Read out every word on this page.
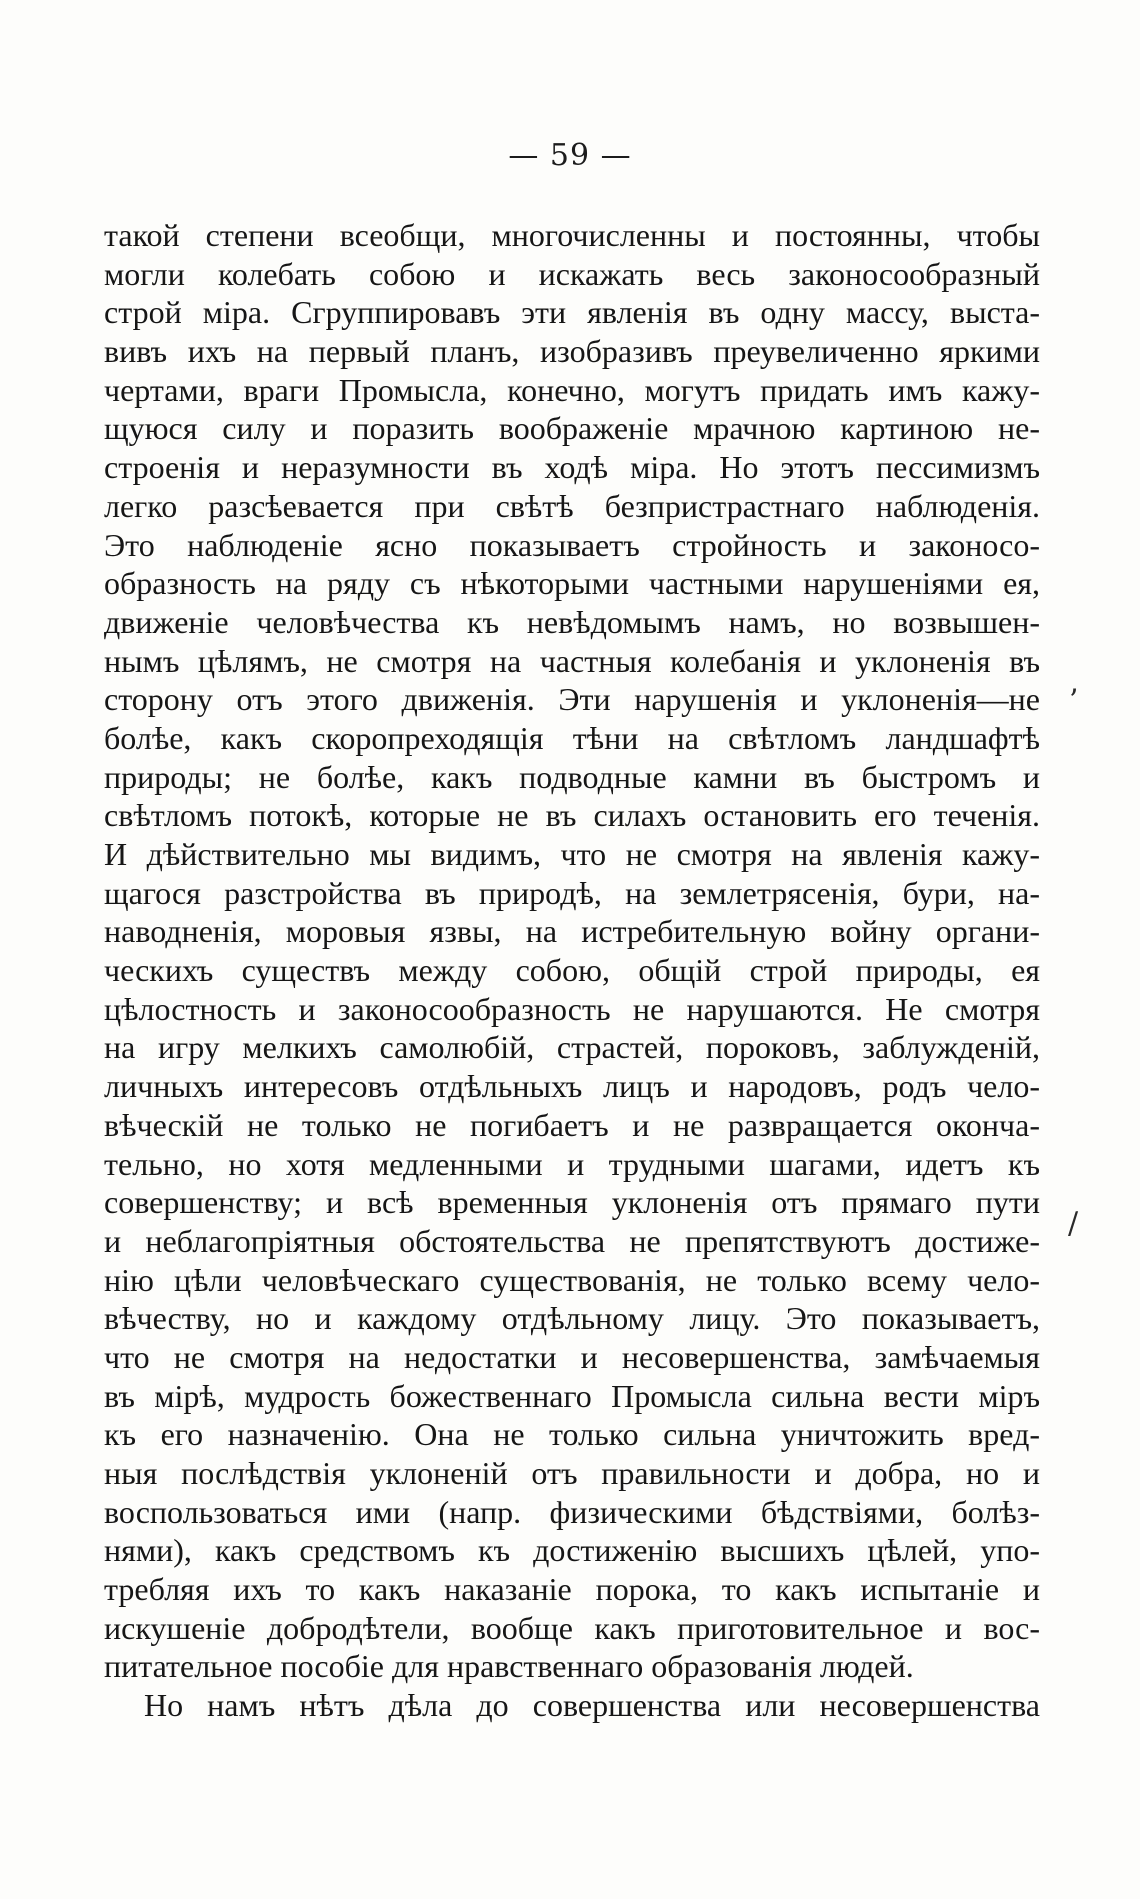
— 59 —
такой степени всеобщи, многочисленны и постоянны, чтобы
могли колебать собою и искажать весь законосообразный
строй міра. Сгруппировавъ эти явленія въ одну массу, выста-
вивъ ихъ на первый планъ, изобразивъ преувеличенно яркими
чертами, враги Промысла, конечно, могутъ придать имъ кажу-
щуюся силу и поразить воображеніе мрачною картиною не-
строенія и неразумности въ ходѣ міра. Но этотъ пессимизмъ
легко разсѣевается при свѣтѣ безпристрастнаго наблюденія.
Это наблюденіе ясно показываетъ стройность и законосо-
образность на ряду съ нѣкоторыми частными нарушеніями ея,
движеніе человѣчества къ невѣдомымъ намъ, но возвышен-
нымъ цѣлямъ, не смотря на частныя колебанія и уклоненія въ
сторону отъ этого движенія. Эти нарушенія и уклоненія—не
болѣе, какъ скоропреходящія тѣни на свѣтломъ ландшафтѣ
природы; не болѣе, какъ подводные камни въ быстромъ и
свѣтломъ потокѣ, которые не въ силахъ остановить его теченія.
И дѣйствительно мы видимъ, что не смотря на явленія кажу-
щагося разстройства въ природѣ, на землетрясенія, бури, на-
наводненія, моровыя язвы, на истребительную войну органи-
ческихъ существъ между собою, общій строй природы, ея
цѣлостность и законосообразность не нарушаются. Не смотря
на игру мелкихъ самолюбій, страстей, пороковъ, заблужденій,
личныхъ интересовъ отдѣльныхъ лицъ и народовъ, родъ чело-
вѣческій не только не погибаетъ и не развращается оконча-
тельно, но хотя медленными и трудными шагами, идетъ къ
совершенству; и всѣ временныя уклоненія отъ прямаго пути
и неблагопріятныя обстоятельства не препятствуютъ достиже-
нію цѣли человѣческаго существованія, не только всему чело-
вѣчеству, но и каждому отдѣльному лицу. Это показываетъ,
что не смотря на недостатки и несовершенства, замѣчаемыя
въ мірѣ, мудрость божественнаго Промысла сильна вести міръ
къ его назначенію. Она не только сильна уничтожить вред-
ныя послѣдствія уклоненій отъ правильности и добра, но и
воспользоваться ими (напр. физическими бѣдствіями, болѣз-
нями), какъ средствомъ къ достиженію высшихъ цѣлей, упо-
требляя ихъ то какъ наказаніе порока, то какъ испытаніе и
искушеніе добродѣтели, вообще какъ приготовительное и вос-
питательное пособіе для нравственнаго образованія людей.
Но намъ нѣтъ дѣла до совершенства или несовершенства
ʼ
/
